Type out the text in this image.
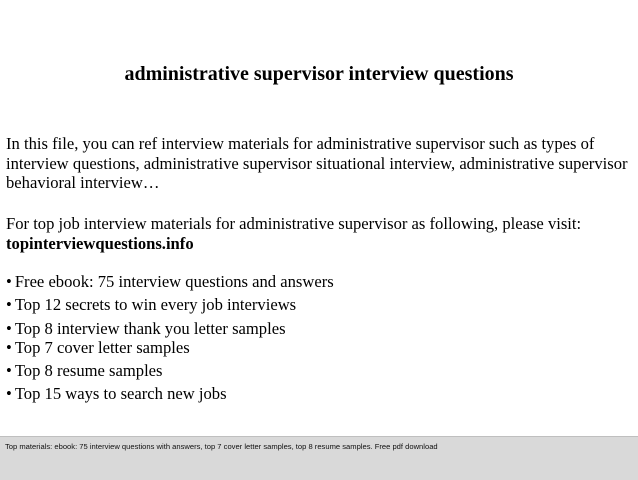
administrative supervisor interview questions

In this file, you can ref interview materials for administrative supervisor such as types of interview questions, administrative supervisor situational interview, administrative supervisor behavioral interview…

For top job interview materials for administrative supervisor as following, please visit:
topinterviewquestions.info

• Free ebook: 75 interview questions and answers
• Top 12 secrets to win every job interviews
• Top 8 interview thank you letter samples
• Top 7 cover letter samples
• Top 8 resume samples
• Top 15 ways to search new jobs
Top materials: ebook: 75 interview questions with answers, top 7 cover letter samples, top 8 resume samples. Free pdf download
